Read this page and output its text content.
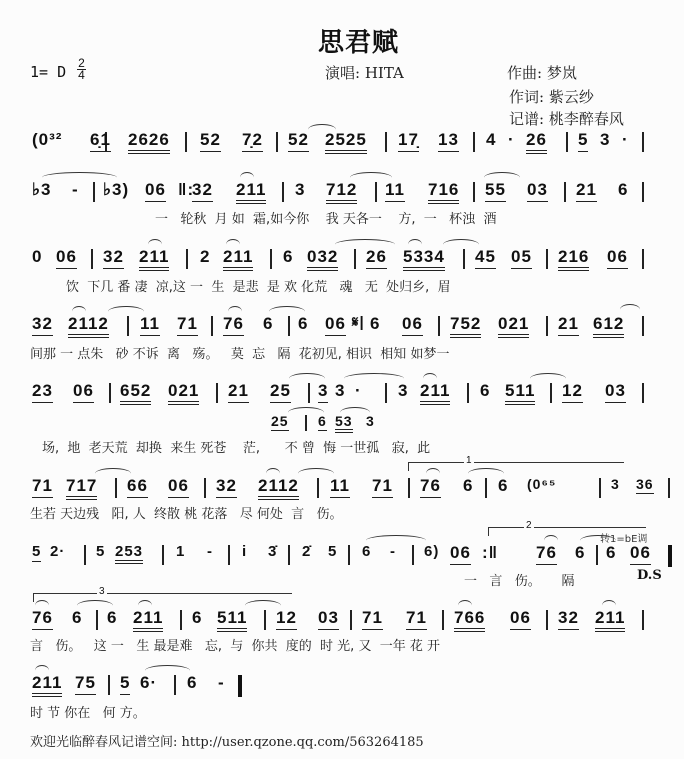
思君赋
1= D 2
4	演唱: HITA	作曲: 梦岚
作词: 紫云纱
记谱: 桃李醉春风
(0³² 6̣1 2626 52 7̣2 52 2525 17̣ 13 4 · 26 5 3 ·
♭3 - ♭3) 06 ‖:
32 211 3 712 11 716 55 03 21 6
一   轮秋  月 如  霜,如今你    我 天各一    方,  一   杯浊  酒
0 06 32 211 2 211 6 032 26 5334 45 05 216 06
饮  下几 番 凄  凉,这 一  生  是悲  是 欢 化荒   魂   无  处归乡,  眉
32 2112 11 71 76 6 6 06 𝄋| 6 06 752 021 21 612
间那 一 点朱   砂 不诉  离   殇。   莫  忘   隔  花初见, 相识  相知 如梦一
23 06 652 021 21 25 3 3 · 3 211 6 511 12 03
25 6 53 3
场,  地  老天荒  却换  来生 死苍    茫,      不 曾  悔 一世孤   寂,  此
1
71 717 66 06 32 2112 11 71 76 6 6 (0⁶⁵	3 36
生若 天边残   阳, 人  终散 桃 花落   尽 何处  言   伤。
2
转1=bE调
5 2· 5 253 1 - i 3̇ 2̇ 5 6 - 6) 06 :‖ 76 6 6 06
一   言   伤。     隔	D.S
3
76 6 6 211 6 511 12 03 71 71 766 06 32 211
言   伤。   这 一   生 最是难   忘,  与  你共  度的  时 光, 又  一年 花 开
211 75 5 6· 6 -
时 节 你在   何 方。
欢迎光临醉春风记谱空间: http://user.qzone.qq.com/563264185
